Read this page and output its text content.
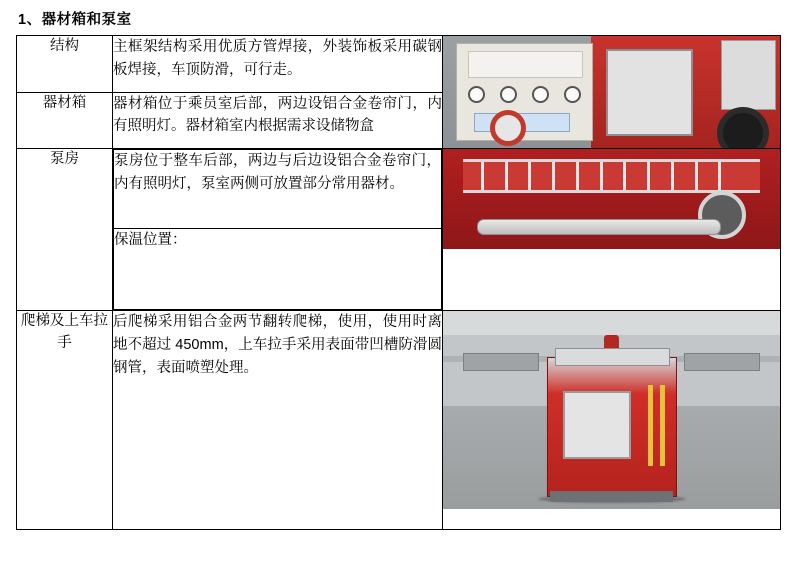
1、器材箱和泵室
结构	主框架结构采用优质方管焊接，外装饰板采用碳钢板焊接，车顶防滑，可行走。	

器材箱	器材箱位于乘员室后部，两边设铝合金卷帘门，内有照明灯。器材箱室内根据需求设储物盒
泵房	泵房位于整车后部，两边与后边设铝合金卷帘门，内有照明灯，泵室两侧可放置部分常用器材。
保温位置：

爬梯及上车拉手	后爬梯采用铝合金两节翻转爬梯，使用，使用时离地不超过 450mm，上车拉手采用表面带凹槽防滑圆钢管，表面喷塑处理。	
